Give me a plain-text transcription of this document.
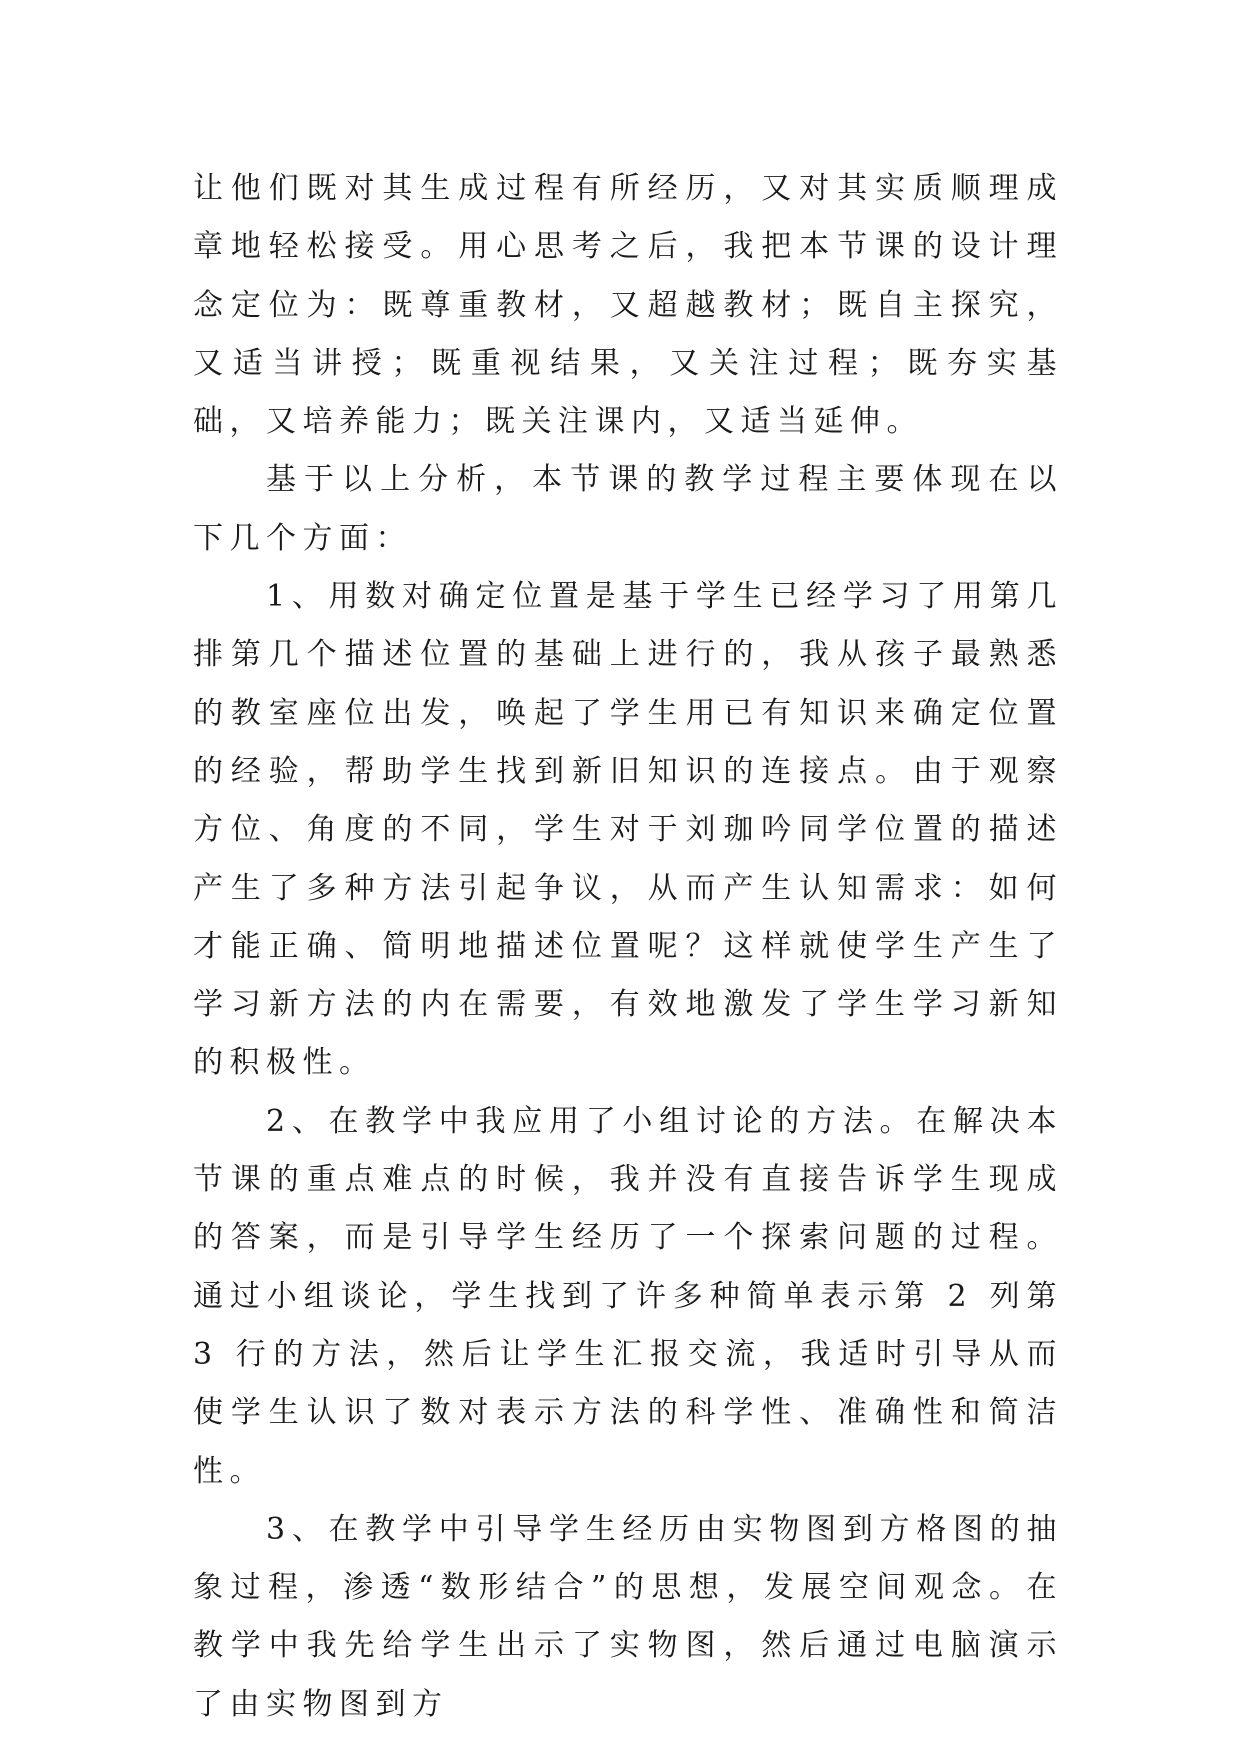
让他们既对其生成过程有所经历，又对其实质顺理成章地轻松接受。用心思考之后，我把本节课的设计理念定位为：既尊重教材，又超越教材；既自主探究，又适当讲授；既重视结果，又关注过程；既夯实基础，又培养能力；既关注课内，又适当延伸。

基于以上分析，本节课的教学过程主要体现在以下几个方面：

1、用数对确定位置是基于学生已经学习了用第几排第几个描述位置的基础上进行的，我从孩子最熟悉的教室座位出发，唤起了学生用已有知识来确定位置的经验，帮助学生找到新旧知识的连接点。由于观察方位、角度的不同，学生对于刘珈吟同学位置的描述产生了多种方法引起争议，从而产生认知需求：如何才能正确、简明地描述位置呢？这样就使学生产生了学习新方法的内在需要，有效地激发了学生学习新知的积极性。

2、在教学中我应用了小组讨论的方法。在解决本节课的重点难点的时候，我并没有直接告诉学生现成的答案，而是引导学生经历了一个探索问题的过程。通过小组谈论，学生找到了许多种简单表示第 2 列第 3 行的方法，然后让学生汇报交流，我适时引导从而使学生认识了数对表示方法的科学性、准确性和简洁性。

3、在教学中引导学生经历由实物图到方格图的抽象过程，渗透“数形结合”的思想，发展空间观念。在教学中我先给学生出示了实物图，然后通过电脑演示了由实物图到方
